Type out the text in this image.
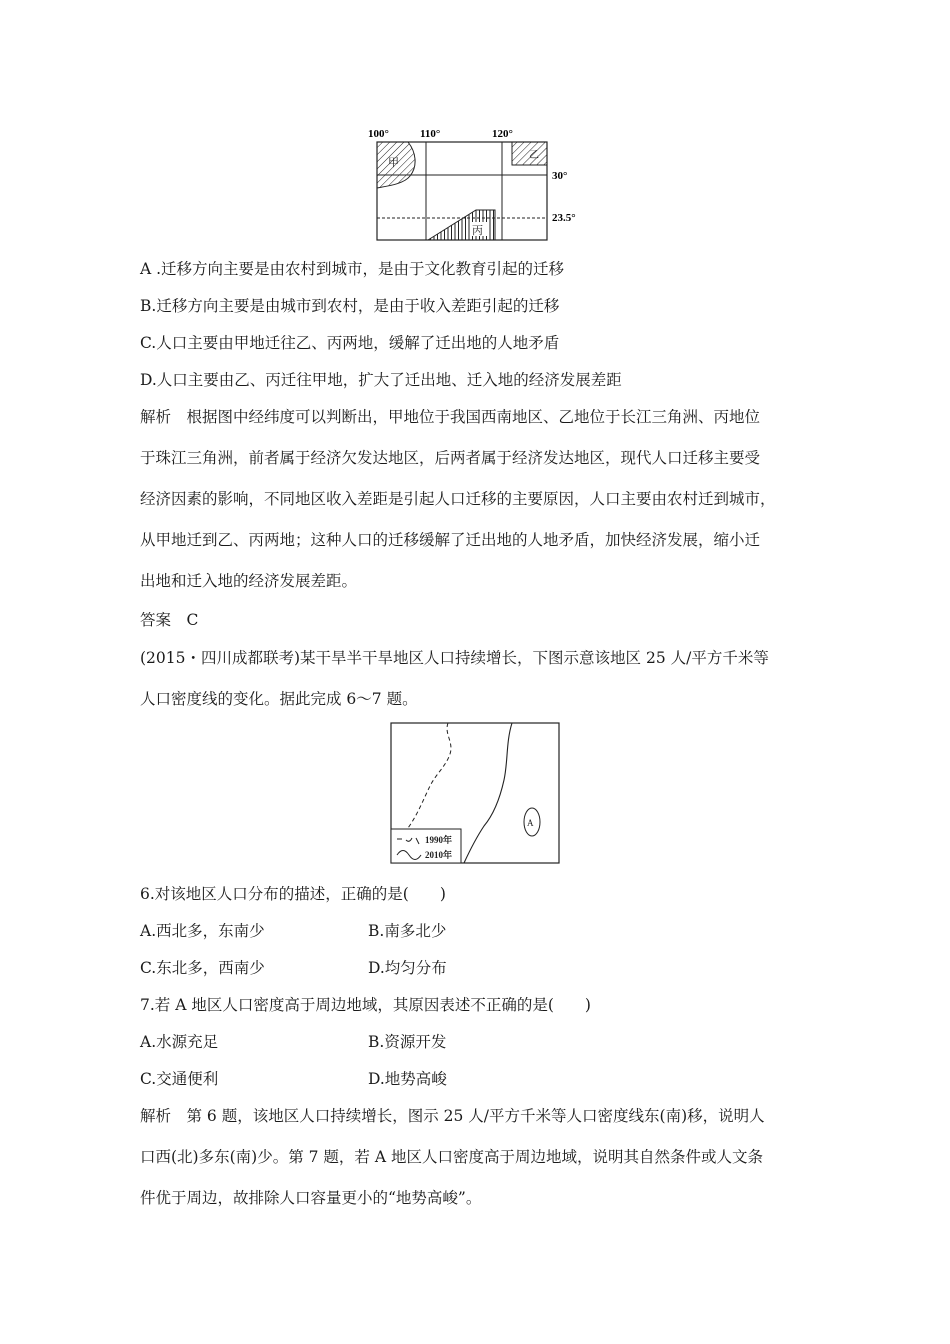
100°	110°	120°
30°
23.5°
甲
乙
丙
A .迁移方向主要是由农村到城市，是由于文化教育引起的迁移
B.迁移方向主要是由城市到农村，是由于收入差距引起的迁移
C.人口主要由甲地迁往乙、丙两地，缓解了迁出地的人地矛盾
D.人口主要由乙、丙迁往甲地，扩大了迁出地、迁入地的经济发展差距
解析　根据图中经纬度可以判断出，甲地位于我国西南地区、乙地位于长江三角洲、丙地位
于珠江三角洲，前者属于经济欠发达地区，后两者属于经济发达地区，现代人口迁移主要受
经济因素的影响，不同地区收入差距是引起人口迁移的主要原因，人口主要由农村迁到城市，
从甲地迁到乙、丙两地；这种人口的迁移缓解了迁出地的人地矛盾，加快经济发展，缩小迁
出地和迁入地的经济发展差距。
答案　C
(2015・四川成都联考)某干旱半干旱地区人口持续增长，下图示意该地区 25 人/平方千米等
人口密度线的变化。据此完成 6～7 题。
A
1990年
2010年
6.对该地区人口分布的描述，正确的是(　　)
A.西北多，东南少	B.南多北少
C.东北多，西南少	D.均匀分布
7.若 A 地区人口密度高于周边地域，其原因表述不正确的是(　　)
A.水源充足	B.资源开发
C.交通便利	D.地势高峻
解析　第 6 题，该地区人口持续增长，图示 25 人/平方千米等人口密度线东(南)移，说明人
口西(北)多东(南)少。第 7 题，若 A 地区人口密度高于周边地域，说明其自然条件或人文条
件优于周边，故排除人口容量更小的“地势高峻”。
